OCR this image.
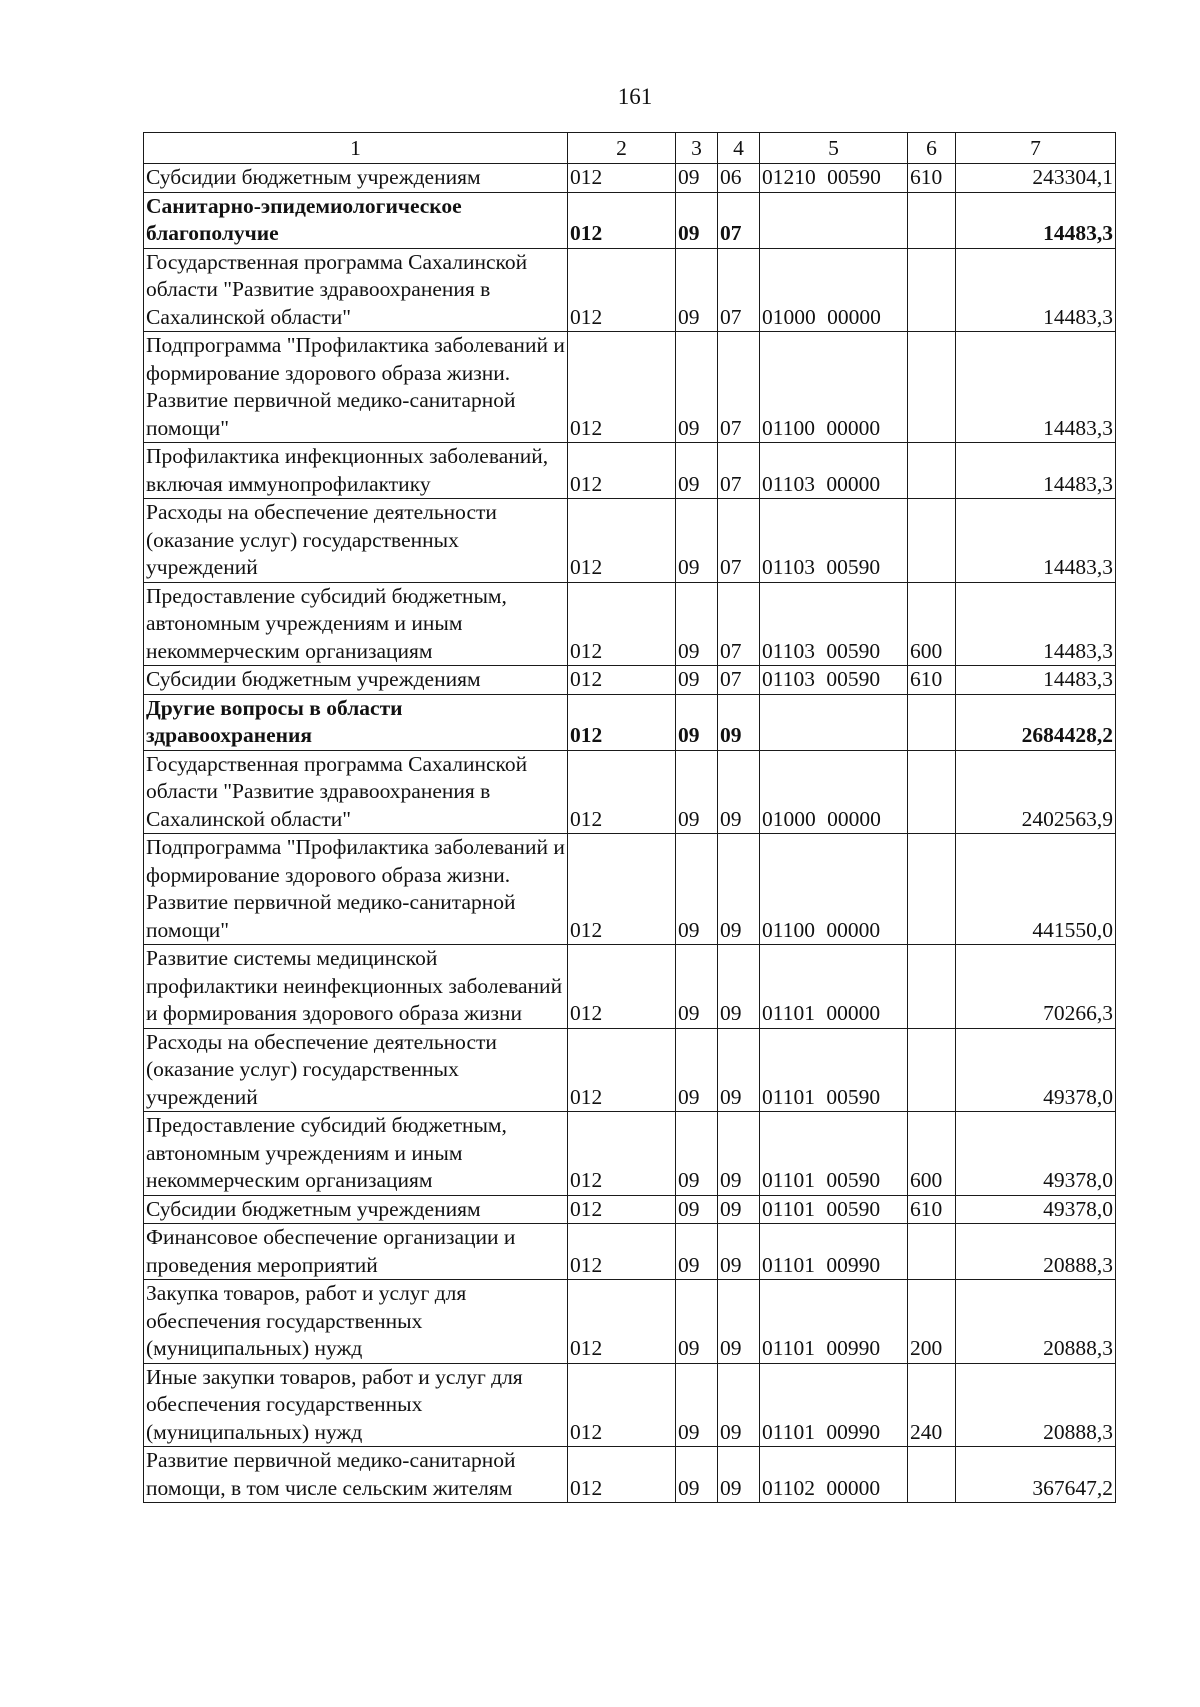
161
1	2	3	4	5	6	7
Субсидии бюджетным учреждениям	012	09	06	01210 00590	610	243304,1
Санитарно-эпидемиологическое благополучие	012	09	07			14483,3
Государственная программа Сахалинской области "Развитие здравоохранения в Сахалинской области"	012	09	07	01000 00000		14483,3
Подпрограмма "Профилактика заболеваний и формирование здорового образа жизни. Развитие первичной медико-санитарной помощи"	012	09	07	01100 00000		14483,3
Профилактика инфекционных заболеваний, включая иммунопрофилактику	012	09	07	01103 00000		14483,3
Расходы на обеспечение деятельности (оказание услуг) государственных учреждений	012	09	07	01103 00590		14483,3
Предоставление субсидий бюджетным, автономным учреждениям и иным некоммерческим организациям	012	09	07	01103 00590	600	14483,3
Субсидии бюджетным учреждениям	012	09	07	01103 00590	610	14483,3
Другие вопросы в области здравоохранения	012	09	09			2684428,2
Государственная программа Сахалинской области "Развитие здравоохранения в Сахалинской области"	012	09	09	01000 00000		2402563,9
Подпрограмма "Профилактика заболеваний и формирование здорового образа жизни. Развитие первичной медико-санитарной помощи"	012	09	09	01100 00000		441550,0
Развитие системы медицинской профилактики неинфекционных заболеваний и формирования здорового образа жизни	012	09	09	01101 00000		70266,3
Расходы на обеспечение деятельности (оказание услуг) государственных учреждений	012	09	09	01101 00590		49378,0
Предоставление субсидий бюджетным, автономным учреждениям и иным некоммерческим организациям	012	09	09	01101 00590	600	49378,0
Субсидии бюджетным учреждениям	012	09	09	01101 00590	610	49378,0
Финансовое обеспечение организации и проведения мероприятий	012	09	09	01101 00990		20888,3
Закупка товаров, работ и услуг для обеспечения государственных (муниципальных) нужд	012	09	09	01101 00990	200	20888,3
Иные закупки товаров, работ и услуг для обеспечения государственных (муниципальных) нужд	012	09	09	01101 00990	240	20888,3
Развитие первичной медико-санитарной помощи, в том числе сельским жителям	012	09	09	01102 00000		367647,2
